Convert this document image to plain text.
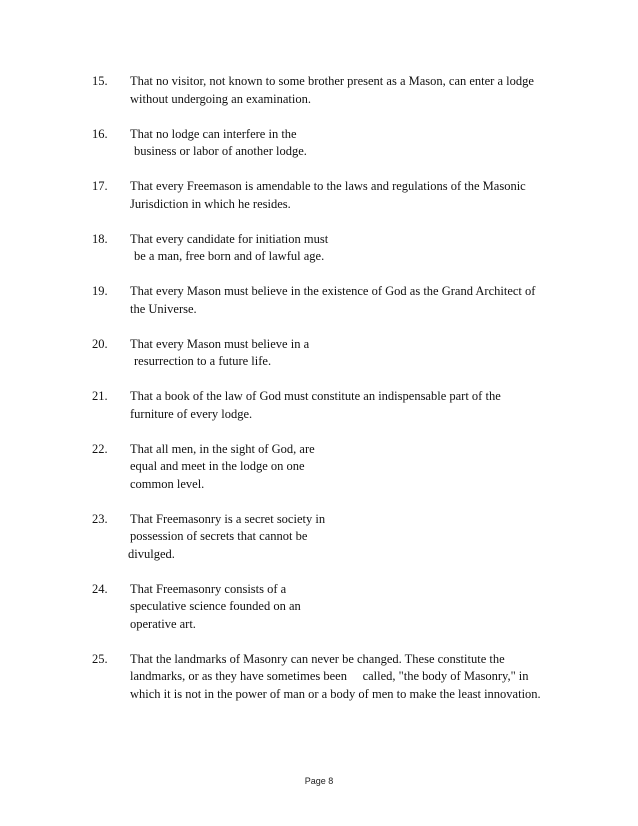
15.	That no visitor, not known to some brother present as a Mason, can enter a lodge
without undergoing an examination.
16.	That no lodge can interfere in the
business or labor of another lodge.
17.	That every Freemason is amendable to the laws and regulations of the Masonic
Jurisdiction in which he resides.
18.	That every candidate for initiation must
be a man, free born and of lawful age.
19.	That every Mason must believe in the existence of God as the Grand Architect of
the Universe.
20.	That every Mason must believe in a
resurrection to a future life.
21.	That a book of the law of God must constitute an indispensable part of the
furniture of every lodge.
22.	That all men, in the sight of God, are
equal and meet in the lodge on one
common level.
23.	That Freemasonry is a secret society in
possession of secrets that cannot be
divulged.
24.	That Freemasonry consists of a
speculative science founded on an
operative art.
25.	That the landmarks of Masonry can never be changed. These constitute the
landmarks, or as they have sometimes been     called, "the body of Masonry," in
which it is not in the power of man or a body of men to make the least innovation.
Page 8
